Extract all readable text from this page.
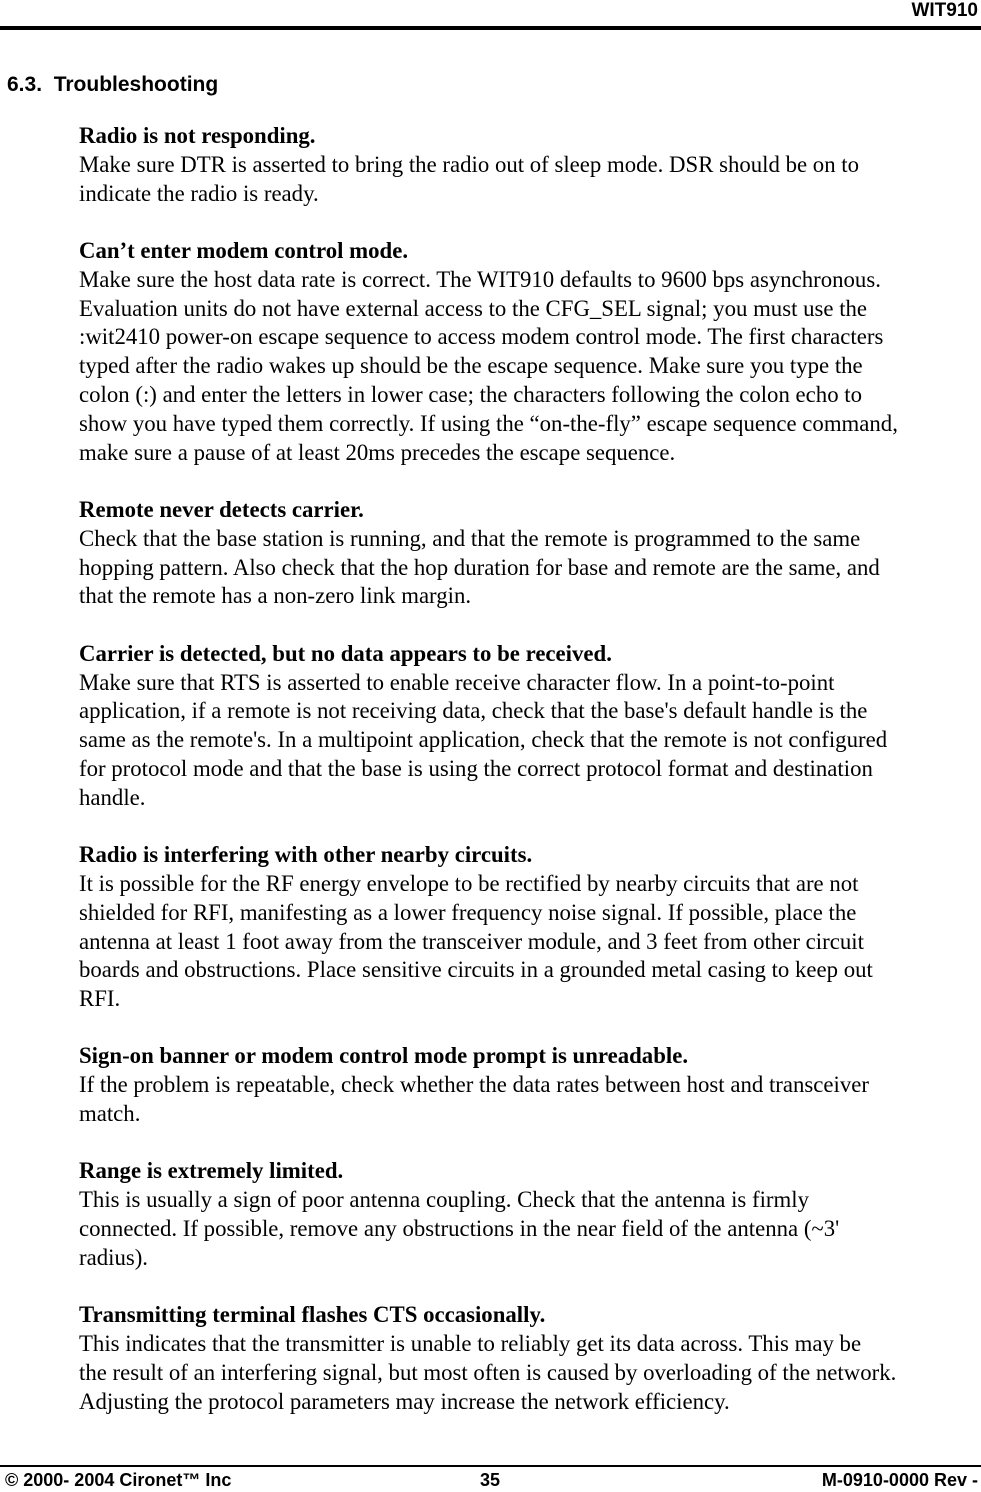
WIT910
6.3.  Troubleshooting
Radio is not responding.
Make sure DTR is asserted to bring the radio out of sleep mode. DSR should be on to
indicate the radio is ready.
Can’t enter modem control mode.
Make sure the host data rate is correct. The WIT910 defaults to 9600 bps asynchronous.
Evaluation units do not have external access to the CFG_SEL signal; you must use the
:wit2410 power-on escape sequence to access modem control mode. The first characters
typed after the radio wakes up should be the escape sequence. Make sure you type the
colon (:) and enter the letters in lower case; the characters following the colon echo to
show you have typed them correctly. If using the “on-the-fly” escape sequence command,
make sure a pause of at least 20ms precedes the escape sequence.
Remote never detects carrier.
Check that the base station is running, and that the remote is programmed to the same
hopping pattern. Also check that the hop duration for base and remote are the same, and
that the remote has a non-zero link margin.
Carrier is detected, but no data appears to be received.
Make sure that RTS is asserted to enable receive character flow. In a point-to-point
application, if a remote is not receiving data, check that the base's default handle is the
same as the remote's. In a multipoint application, check that the remote is not configured
for protocol mode and that the base is using the correct protocol format and destination
handle.
Radio is interfering with other nearby circuits.
It is possible for the RF energy envelope to be rectified by nearby circuits that are not
shielded for RFI, manifesting as a lower frequency noise signal. If possible, place the
antenna at least 1 foot away from the transceiver module, and 3 feet from other circuit
boards and obstructions. Place sensitive circuits in a grounded metal casing to keep out
RFI.
Sign-on banner or modem control mode prompt is unreadable.
If the problem is repeatable, check whether the data rates between host and transceiver
match.
Range is extremely limited.
This is usually a sign of poor antenna coupling. Check that the antenna is firmly
connected. If possible, remove any obstructions in the near field of the antenna (~3'
radius).
Transmitting terminal flashes CTS occasionally.
This indicates that the transmitter is unable to reliably get its data across. This may be
the result of an interfering signal, but most often is caused by overloading of the network.
Adjusting the protocol parameters may increase the network efficiency.
© 2000- 2004 Cironet™ Inc	35	M-0910-0000 Rev -
